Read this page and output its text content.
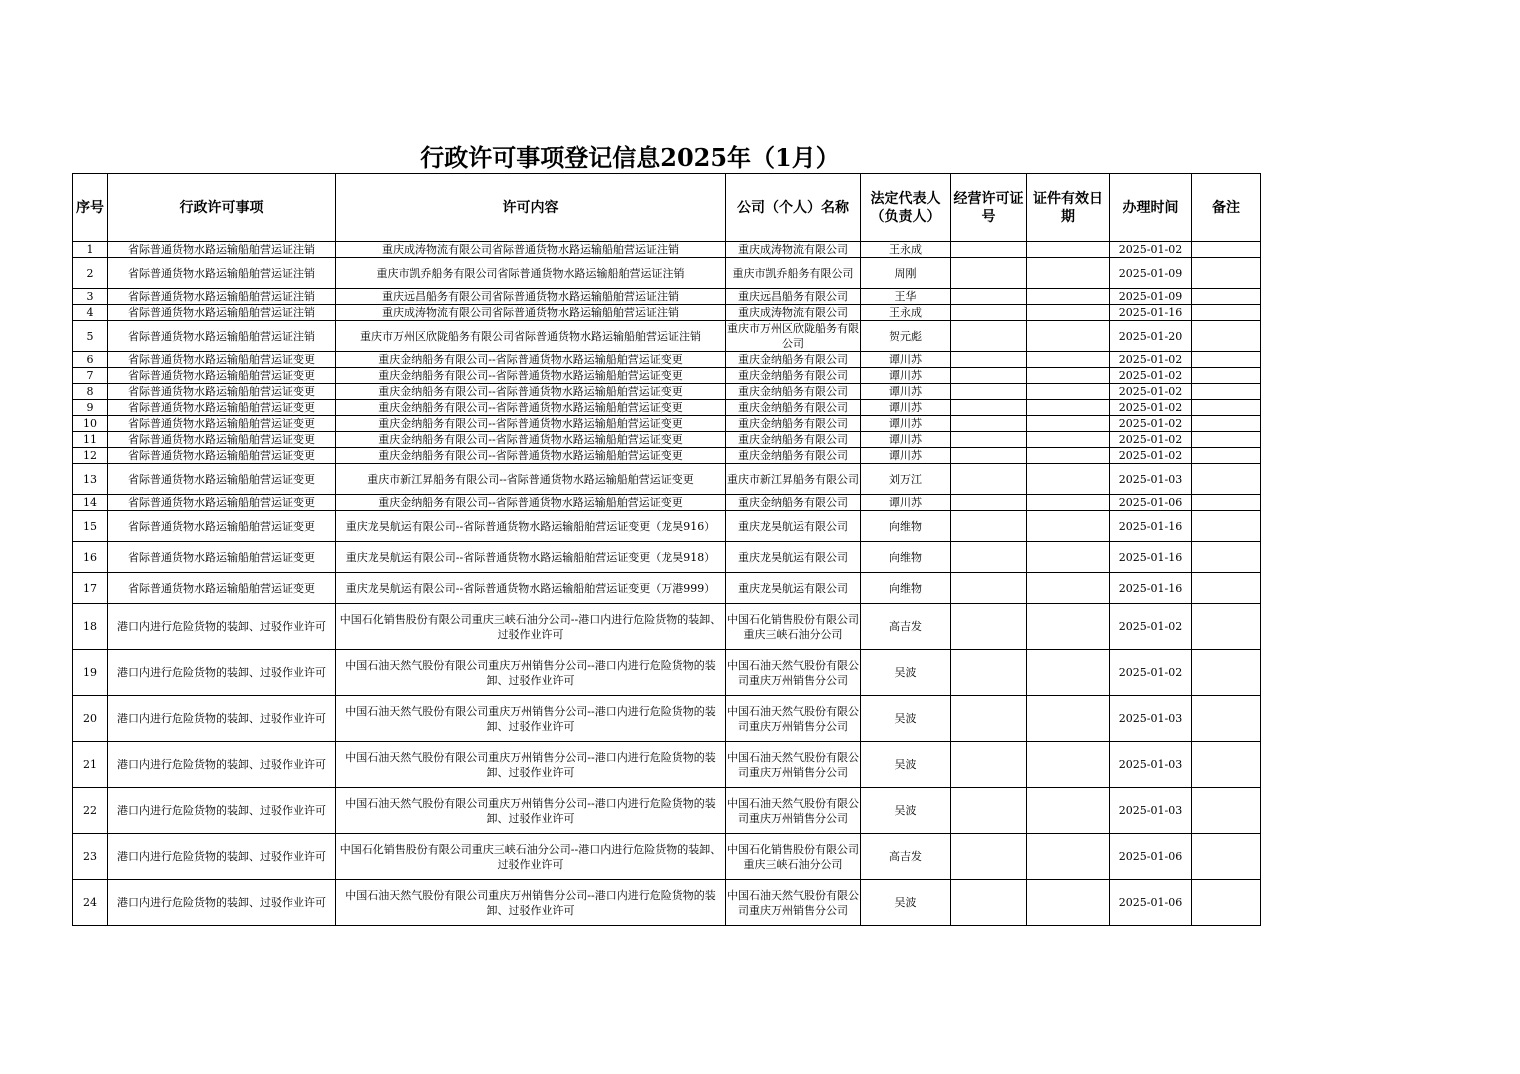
行政许可事项登记信息2025年（1月）
序号	行政许可事项	许可内容	公司（个人）名称	法定代表人（负责人）	经营许可证号	证件有效日期	办理时间	备注
1	省际普通货物水路运输船舶营运证注销	重庆成涛物流有限公司省际普通货物水路运输船舶营运证注销	重庆成涛物流有限公司	王永成			2025-01-02	
2	省际普通货物水路运输船舶营运证注销	重庆市凯乔船务有限公司省际普通货物水路运输船舶营运证注销	重庆市凯乔船务有限公司	周刚			2025-01-09	
3	省际普通货物水路运输船舶营运证注销	重庆远昌船务有限公司省际普通货物水路运输船舶营运证注销	重庆远昌船务有限公司	王华			2025-01-09	
4	省际普通货物水路运输船舶营运证注销	重庆成涛物流有限公司省际普通货物水路运输船舶营运证注销	重庆成涛物流有限公司	王永成			2025-01-16	
5	省际普通货物水路运输船舶营运证注销	重庆市万州区欣陇船务有限公司省际普通货物水路运输船舶营运证注销	重庆市万州区欣陇船务有限公司	贺元彪			2025-01-20	
6	省际普通货物水路运输船舶营运证变更	重庆金纳船务有限公司--省际普通货物水路运输船舶营运证变更	重庆金纳船务有限公司	谭川苏			2025-01-02	
7	省际普通货物水路运输船舶营运证变更	重庆金纳船务有限公司--省际普通货物水路运输船舶营运证变更	重庆金纳船务有限公司	谭川苏			2025-01-02	
8	省际普通货物水路运输船舶营运证变更	重庆金纳船务有限公司--省际普通货物水路运输船舶营运证变更	重庆金纳船务有限公司	谭川苏			2025-01-02	
9	省际普通货物水路运输船舶营运证变更	重庆金纳船务有限公司--省际普通货物水路运输船舶营运证变更	重庆金纳船务有限公司	谭川苏			2025-01-02	
10	省际普通货物水路运输船舶营运证变更	重庆金纳船务有限公司--省际普通货物水路运输船舶营运证变更	重庆金纳船务有限公司	谭川苏			2025-01-02	
11	省际普通货物水路运输船舶营运证变更	重庆金纳船务有限公司--省际普通货物水路运输船舶营运证变更	重庆金纳船务有限公司	谭川苏			2025-01-02	
12	省际普通货物水路运输船舶营运证变更	重庆金纳船务有限公司--省际普通货物水路运输船舶营运证变更	重庆金纳船务有限公司	谭川苏			2025-01-02	
13	省际普通货物水路运输船舶营运证变更	重庆市新江昇船务有限公司--省际普通货物水路运输船舶营运证变更	重庆市新江昇船务有限公司	刘万江			2025-01-03	
14	省际普通货物水路运输船舶营运证变更	重庆金纳船务有限公司--省际普通货物水路运输船舶营运证变更	重庆金纳船务有限公司	谭川苏			2025-01-06	
15	省际普通货物水路运输船舶营运证变更	重庆龙昊航运有限公司--省际普通货物水路运输船舶营运证变更（龙昊916）	重庆龙昊航运有限公司	向维物			2025-01-16	
16	省际普通货物水路运输船舶营运证变更	重庆龙昊航运有限公司--省际普通货物水路运输船舶营运证变更（龙昊918）	重庆龙昊航运有限公司	向维物			2025-01-16	
17	省际普通货物水路运输船舶营运证变更	重庆龙昊航运有限公司--省际普通货物水路运输船舶营运证变更（万港999）	重庆龙昊航运有限公司	向维物			2025-01-16	
18	港口内进行危险货物的装卸、过驳作业许可	中国石化销售股份有限公司重庆三峡石油分公司--港口内进行危险货物的装卸、过驳作业许可	中国石化销售股份有限公司重庆三峡石油分公司	高吉发			2025-01-02	
19	港口内进行危险货物的装卸、过驳作业许可	中国石油天然气股份有限公司重庆万州销售分公司--港口内进行危险货物的装卸、过驳作业许可	中国石油天然气股份有限公司重庆万州销售分公司	吴波			2025-01-02	
20	港口内进行危险货物的装卸、过驳作业许可	中国石油天然气股份有限公司重庆万州销售分公司--港口内进行危险货物的装卸、过驳作业许可	中国石油天然气股份有限公司重庆万州销售分公司	吴波			2025-01-03	
21	港口内进行危险货物的装卸、过驳作业许可	中国石油天然气股份有限公司重庆万州销售分公司--港口内进行危险货物的装卸、过驳作业许可	中国石油天然气股份有限公司重庆万州销售分公司	吴波			2025-01-03	
22	港口内进行危险货物的装卸、过驳作业许可	中国石油天然气股份有限公司重庆万州销售分公司--港口内进行危险货物的装卸、过驳作业许可	中国石油天然气股份有限公司重庆万州销售分公司	吴波			2025-01-03	
23	港口内进行危险货物的装卸、过驳作业许可	中国石化销售股份有限公司重庆三峡石油分公司--港口内进行危险货物的装卸、过驳作业许可	中国石化销售股份有限公司重庆三峡石油分公司	高吉发			2025-01-06	
24	港口内进行危险货物的装卸、过驳作业许可	中国石油天然气股份有限公司重庆万州销售分公司--港口内进行危险货物的装卸、过驳作业许可	中国石油天然气股份有限公司重庆万州销售分公司	吴波			2025-01-06	
